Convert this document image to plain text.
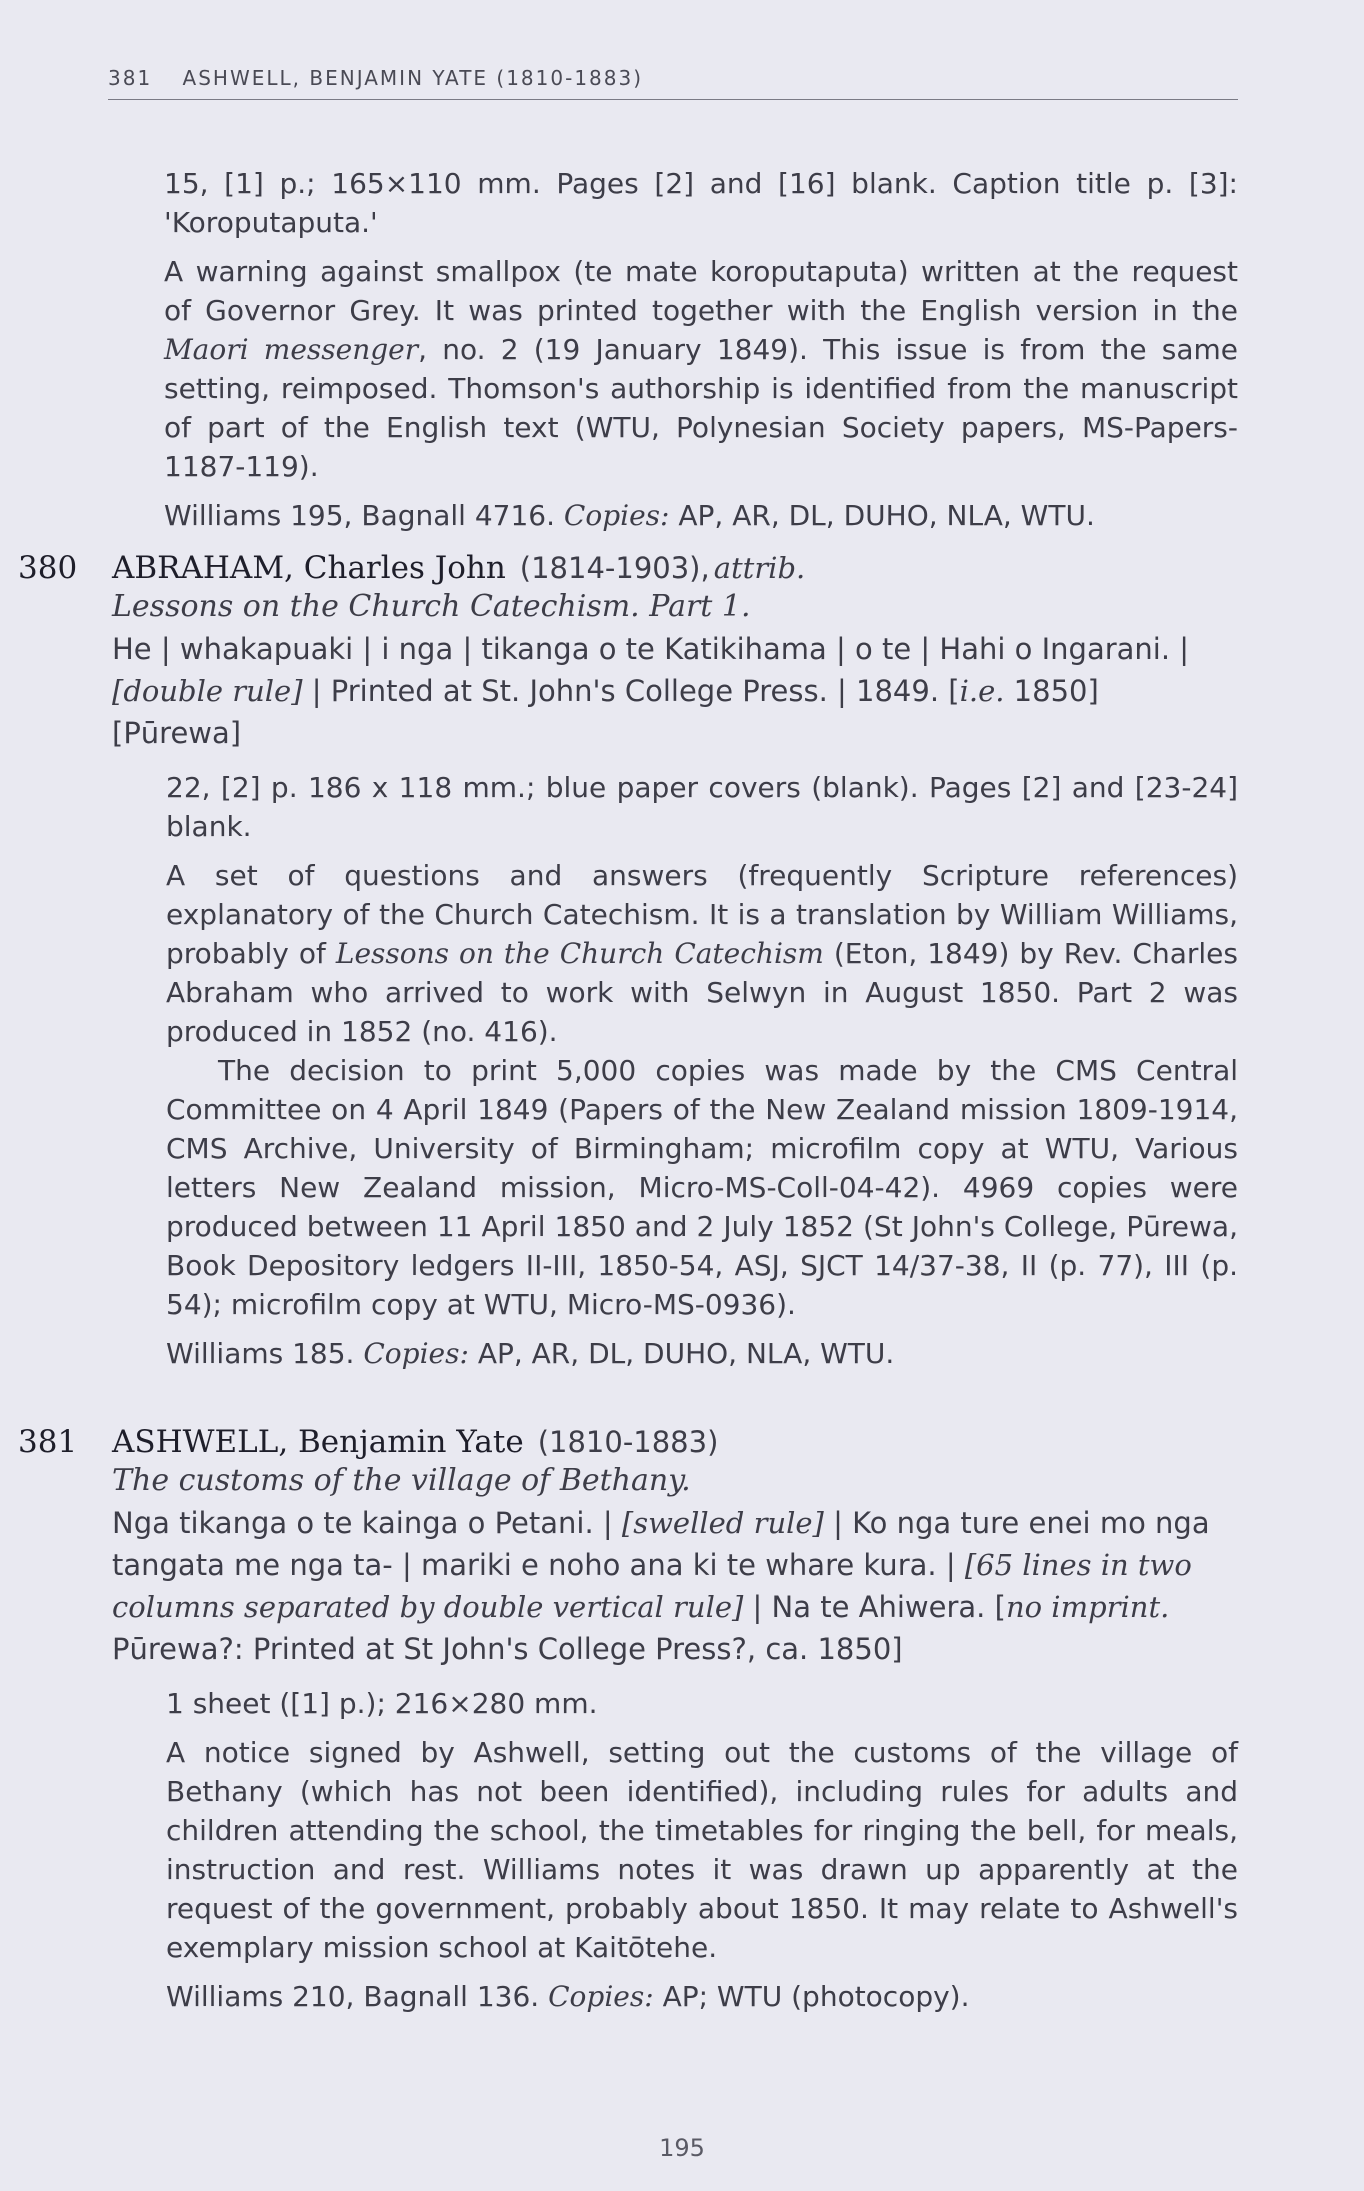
381 ASHWELL, BENJAMIN YATE (1810-1883)

15, [1] p.; 165×110 mm. Pages [2] and [16] blank. Caption title p. [3]: 'Koroputaputa.'

A warning against smallpox (te mate koroputaputa) written at the request of Governor Grey. It was printed together with the English version in the Maori messenger, no. 2 (19 January 1849). This issue is from the same setting, reimposed. Thomson's authorship is identified from the manuscript of part of the English text (WTU, Polynesian Society papers, MS-Papers-1187-119).

Williams 195, Bagnall 4716. Copies: AP, AR, DL, DUHO, NLA, WTU.

380	ABRAHAM, Charles John (1814-1903), attrib.
Lessons on the Church Catechism. Part 1.
He | whakapuaki | i nga | tikanga o te Katikihama | o te | Hahi o Ingarani. | [double rule] | Printed at St. John's College Press. | 1849. [i.e. 1850]
[Pūrewa]

22, [2] p. 186 x 118 mm.; blue paper covers (blank). Pages [2] and [23-24] blank.

A set of questions and answers (frequently Scripture references) explanatory of the Church Catechism. It is a translation by William Williams, probably of Lessons on the Church Catechism (Eton, 1849) by Rev. Charles Abraham who arrived to work with Selwyn in August 1850. Part 2 was produced in 1852 (no. 416).

The decision to print 5,000 copies was made by the CMS Central Committee on 4 April 1849 (Papers of the New Zealand mission 1809-1914, CMS Archive, University of Birmingham; microfilm copy at WTU, Various letters New Zealand mission, Micro-MS-Coll-04-42). 4969 copies were produced between 11 April 1850 and 2 July 1852 (St John's College, Pūrewa, Book Depository ledgers II-III, 1850-54, ASJ, SJCT 14/37-38, II (p. 77), III (p. 54); microfilm copy at WTU, Micro-MS-0936).

Williams 185. Copies: AP, AR, DL, DUHO, NLA, WTU.

381	ASHWELL, Benjamin Yate (1810-1883)
The customs of the village of Bethany.
Nga tikanga o te kainga o Petani. | [swelled rule] | Ko nga ture enei mo nga tangata me nga ta- | mariki e noho ana ki te whare kura. | [65 lines in two columns separated by double vertical rule] | Na te Ahiwera. [no imprint. Pūrewa?: Printed at St John's College Press?, ca. 1850]

1 sheet ([1] p.); 216×280 mm.

A notice signed by Ashwell, setting out the customs of the village of Bethany (which has not been identified), including rules for adults and children attending the school, the timetables for ringing the bell, for meals, instruction and rest. Williams notes it was drawn up apparently at the request of the government, probably about 1850. It may relate to Ashwell's exemplary mission school at Kaitōtehe.

Williams 210, Bagnall 136. Copies: AP; WTU (photocopy).

195
